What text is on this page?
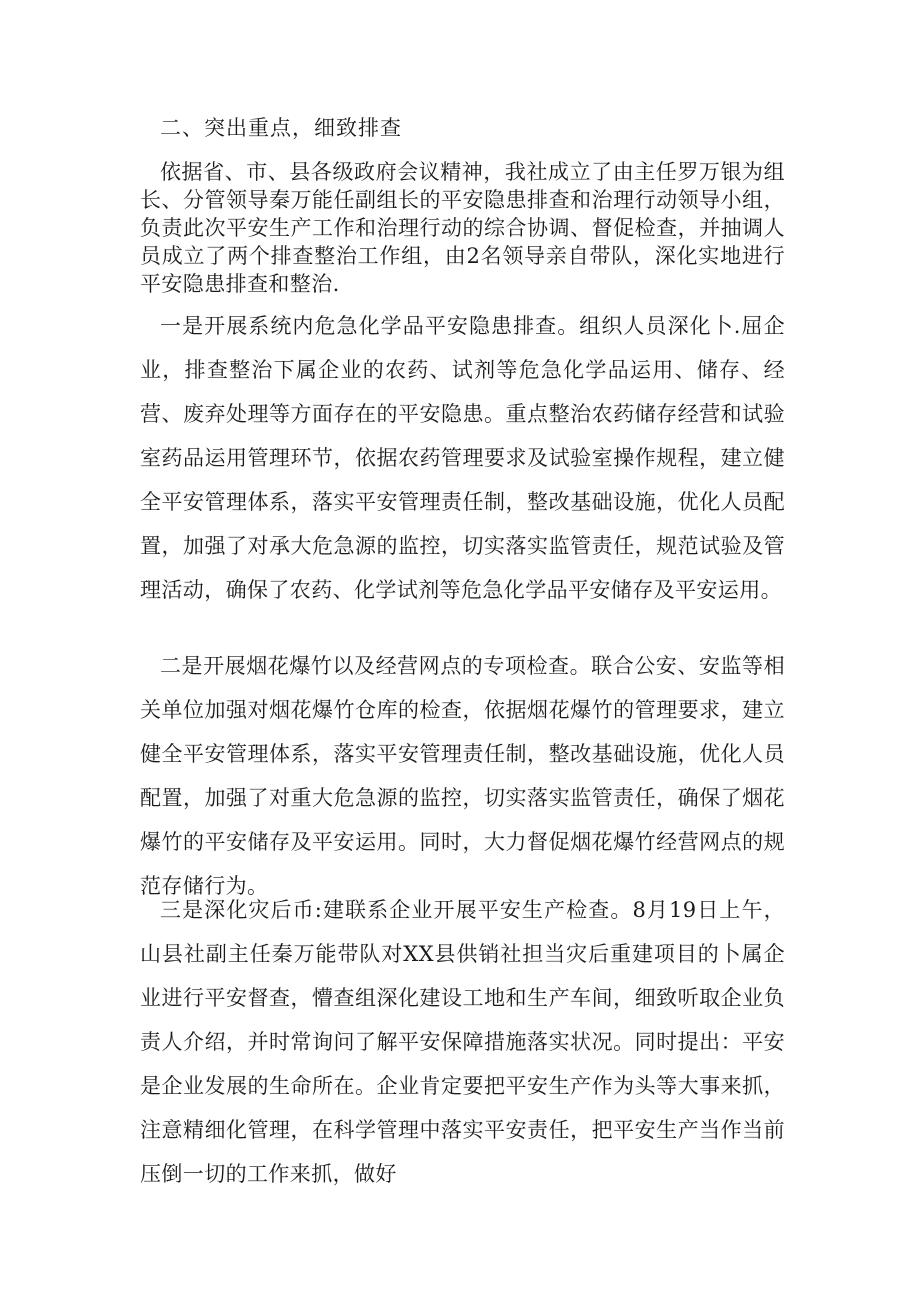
二、突出重点，细致排查

依据省、市、县各级政府会议精神，我社成立了由主任罗万银为组长、分管领导秦万能任副组长的平安隐患排查和治理行动领导小组，负责此次平安生产工作和治理行动的综合协调、督促检查，并抽调人员成立了两个排查整治工作组，由2名领导亲自带队，深化实地进行平安隐患排查和整治.

一是开展系统内危急化学品平安隐患排查。组织人员深化卜.屈企业，排查整治下属企业的农药、试剂等危急化学品运用、储存、经营、废弃处理等方面存在的平安隐患。重点整治农药储存经营和试验室药品运用管理环节，依据农药管理要求及试验室操作规程，建立健全平安管理体系，落实平安管理责任制，整改基础设施，优化人员配置，加强了对承大危急源的监控，切实落实监管责任，规范试验及管理活动，确保了农药、化学试剂等危急化学品平安储存及平安运用。

二是开展烟花爆竹以及经营网点的专项检查。联合公安、安监等相关单位加强对烟花爆竹仓库的检查，依据烟花爆竹的管理要求，建立健全平安管理体系，落实平安管理责任制，整改基础设施，优化人员配置，加强了对重大危急源的监控，切实落实监管责任，确保了烟花爆竹的平安储存及平安运用。同时，大力督促烟花爆竹经营网点的规范存储行为。

三是深化灾后币:建联系企业开展平安生产检查。8月19日上午，山县社副主任秦万能带队对XX县供销社担当灾后重建项目的卜属企业进行平安督查，懵查组深化建设工地和生产车间，细致听取企业负责人介绍，并时常询问了解平安保障措施落实状况。同时提出：平安是企业发展的生命所在。企业肯定要把平安生产作为头等大事来抓，注意精细化管理，在科学管理中落实平安责任，把平安生产当作当前压倒一切的工作来抓，做好
